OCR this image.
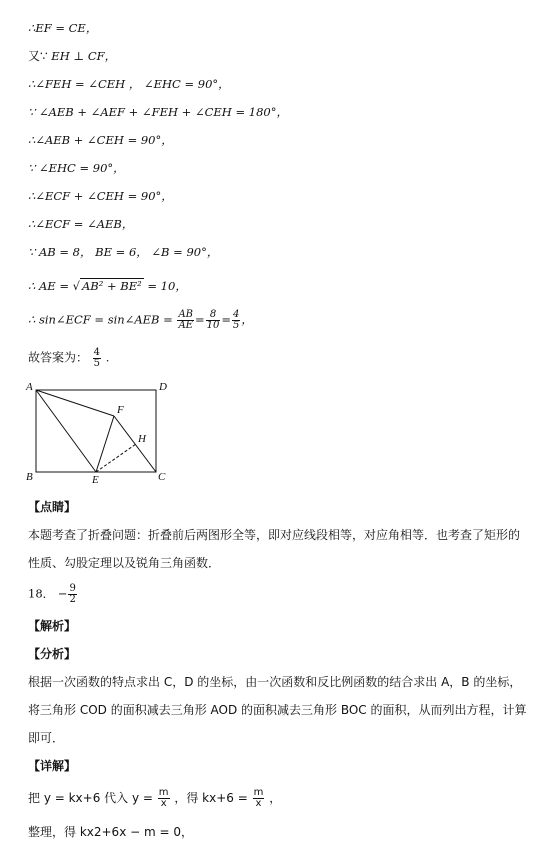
∴EF = CE，
又∵ EH ⊥ CF，
∴∠FEH = ∠CEH ， ∠EHC = 90°，
∵ ∠AEB + ∠AEF + ∠FEH + ∠CEH = 180°，
∴∠AEB + ∠CEH = 90°，
∵ ∠EHC = 90°，
∴∠ECF + ∠CEH = 90°，
∴∠ECF = ∠AEB，
∵ AB = 8， BE = 6， ∠B = 90°，
∴ AE = √ AB² + BE² = 10，
∴ sin∠ECF = sin∠AEB = $\frac{AB}{AE} = \frac{8}{10} = \frac{4}{5}$ ，
故答案为： $\frac{4}{5}$ .
A	D
F
H
B	E	C
【点睛】
本题考查了折叠问题：折叠前后两图形全等，即对应线段相等，对应角相等．也考查了矩形的性质、勾股定理以及锐角三角函数．
18． − $\frac{9}{2}$
【解析】
【分析】
根据一次函数的特点求出 C，D 的坐标，由一次函数和反比例函数的结合求出 A，B 的坐标，将三角形 COD 的面积减去三角形 AOD 的面积减去三角形 BOC 的面积，从而列出方程，计算即可．
【详解】
把 y = kx+6 代入 $y = \frac{m}{x}$ ，得 $kx+6 = \frac{m}{x}$ ，
整理，得 kx2+6x − m = 0，
